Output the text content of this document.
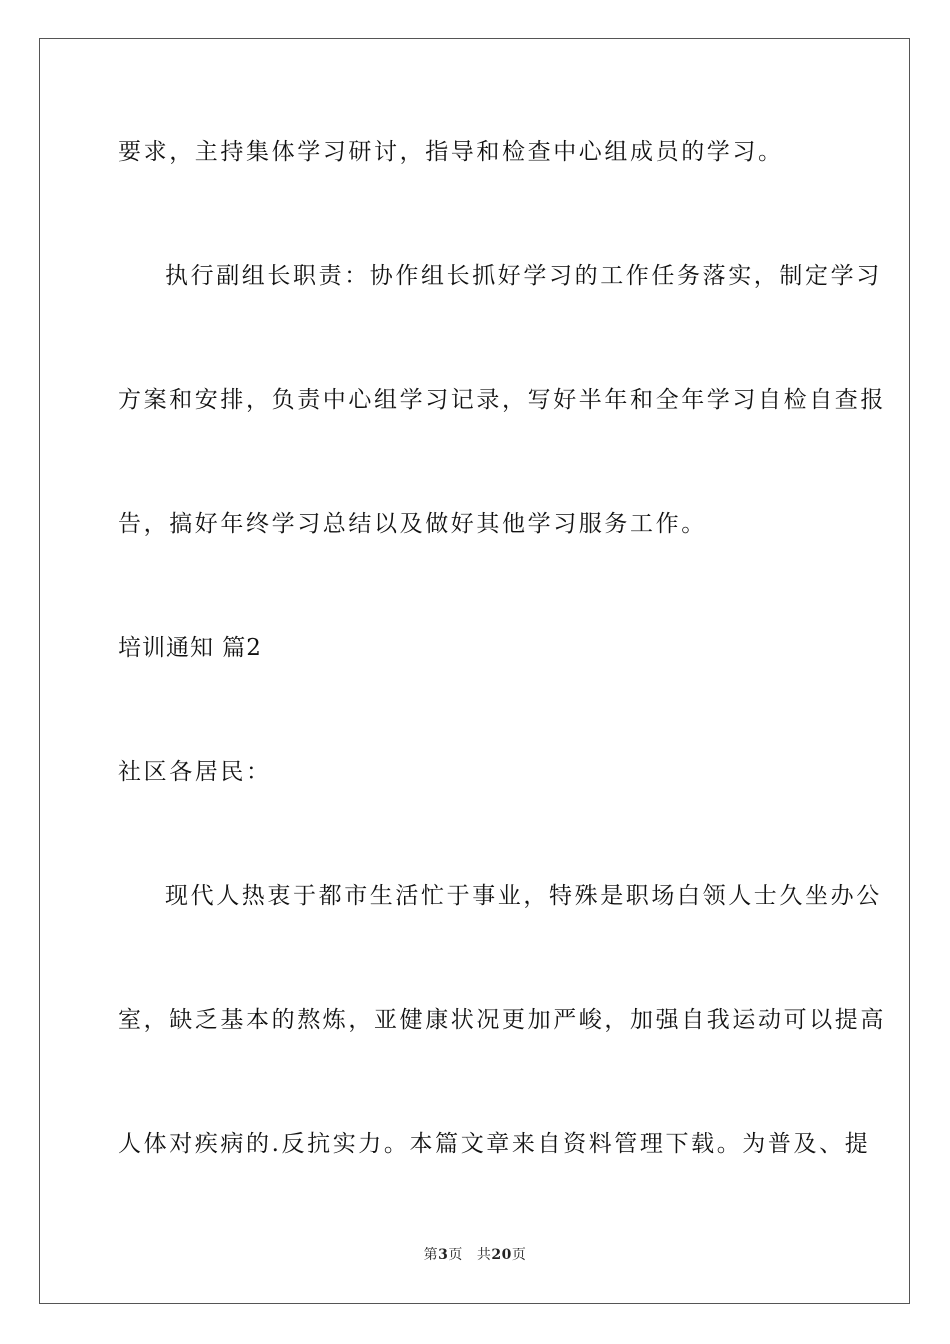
要求，主持集体学习研讨，指导和检查中心组成员的学习。
执行副组长职责：协作组长抓好学习的工作任务落实，制定学习
方案和安排，负责中心组学习记录，写好半年和全年学习自检自查报
告，搞好年终学习总结以及做好其他学习服务工作。
培训通知 篇2
社区各居民：
现代人热衷于都市生活忙于事业，特殊是职场白领人士久坐办公
室，缺乏基本的熬炼，亚健康状况更加严峻，加强自我运动可以提高
人体对疾病的.反抗实力。本篇文章来自资料管理下载。为普及、提
第3页 共20页
